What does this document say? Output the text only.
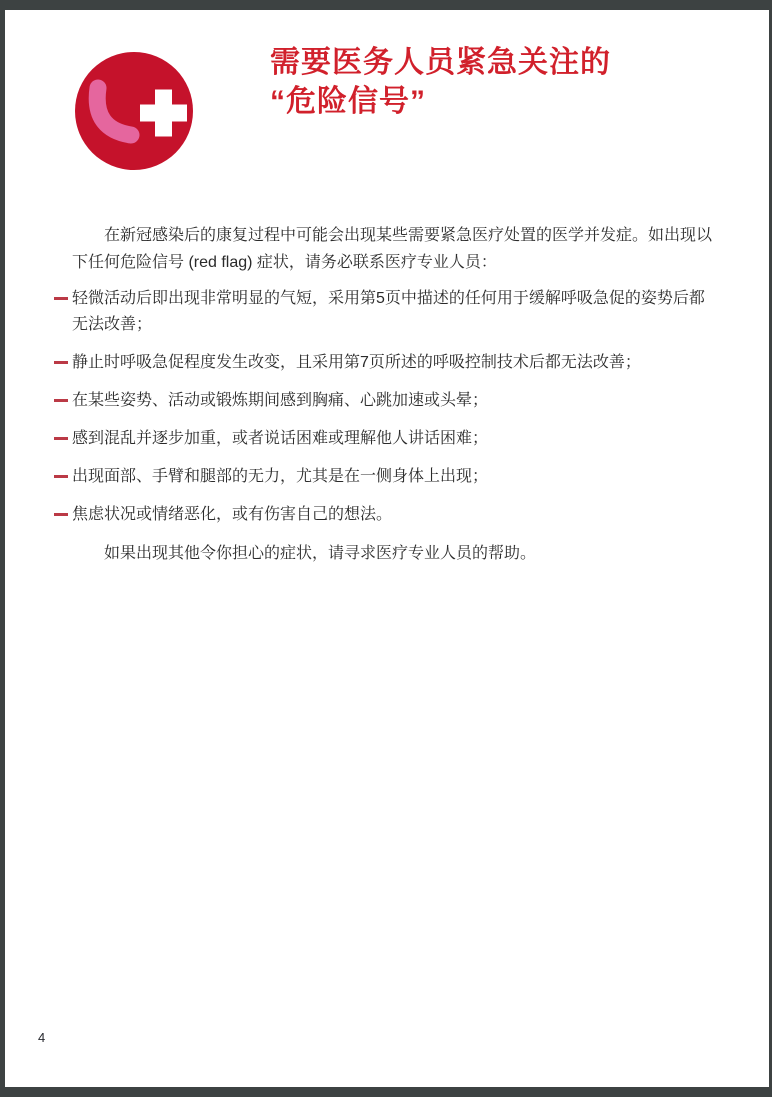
需要医务人员紧急关注的
“危险信号”

在新冠感染后的康复过程中可能会出现某些需要紧急医疗处置的医学并发症。如出现以下任何危险信号 (red flag) 症状，请务必联系医疗专业人员：

轻微活动后即出现非常明显的气短，采用第5页中描述的任何用于缓解呼吸急促的姿势后都无法改善；
静止时呼吸急促程度发生改变，且采用第7页所述的呼吸控制技术后都无法改善；
在某些姿势、活动或锻炼期间感到胸痛、心跳加速或头晕；
感到混乱并逐步加重，或者说话困难或理解他人讲话困难；
出现面部、手臂和腿部的无力，尤其是在一侧身体上出现；
焦虑状况或情绪恶化，或有伤害自己的想法。

如果出现其他令你担心的症状，请寻求医疗专业人员的帮助。

4
